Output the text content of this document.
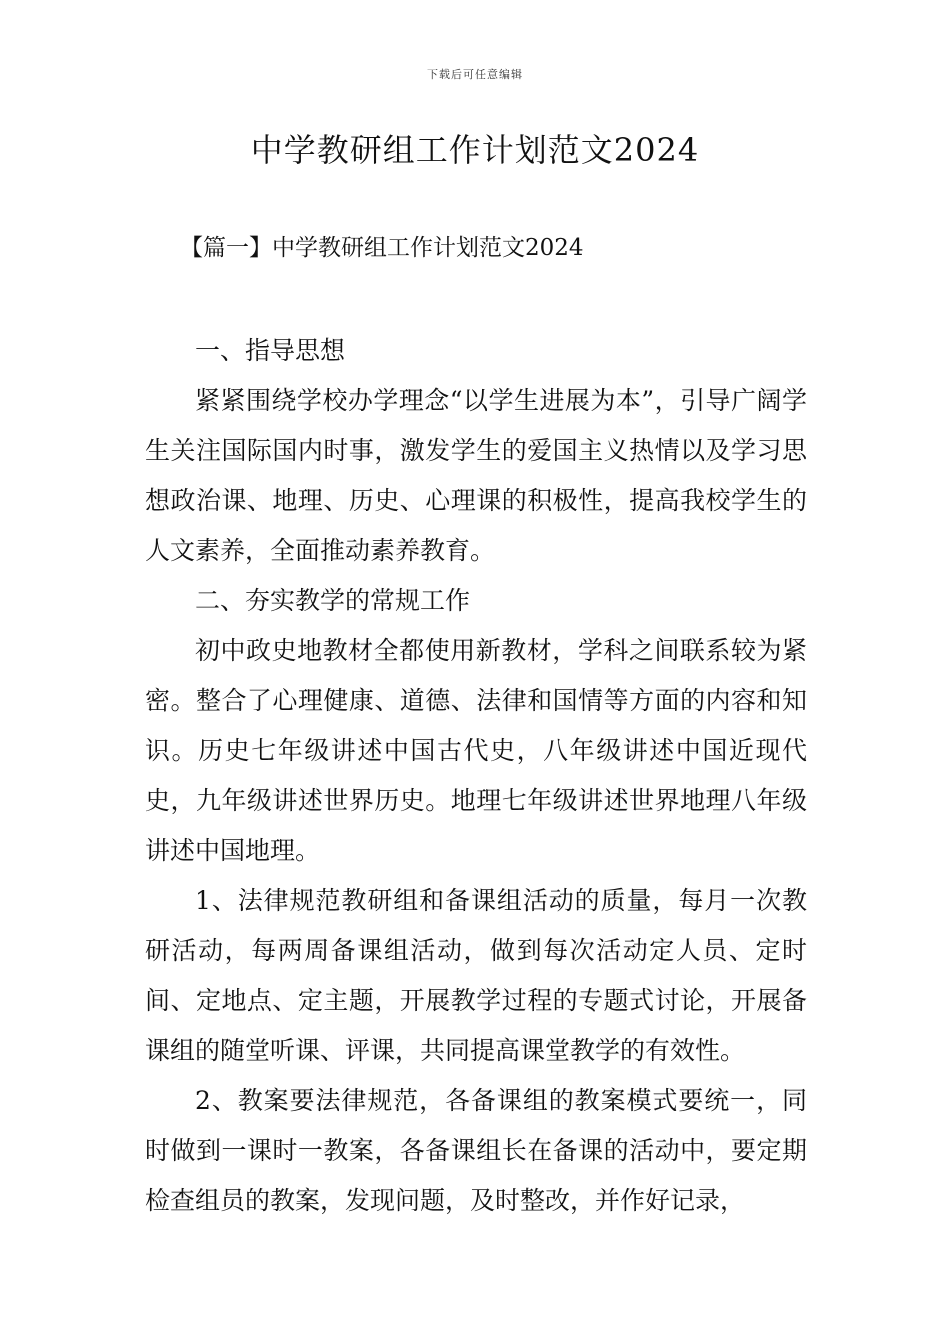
下载后可任意编辑
中学教研组工作计划范文2024
【篇一】中学教研组工作计划范文2024

一、指导思想

紧紧围绕学校办学理念“以学生进展为本”，引导广阔学生关注国际国内时事，激发学生的爱国主义热情以及学习思想政治课、地理、历史、心理课的积极性，提高我校学生的人文素养，全面推动素养教育。

二、夯实教学的常规工作

初中政史地教材全都使用新教材，学科之间联系较为紧密。整合了心理健康、道德、法律和国情等方面的内容和知识。历史七年级讲述中国古代史，八年级讲述中国近现代史，九年级讲述世界历史。地理七年级讲述世界地理八年级讲述中国地理。

1、法律规范教研组和备课组活动的质量，每月一次教研活动，每两周备课组活动，做到每次活动定人员、定时间、定地点、定主题，开展教学过程的专题式讨论，开展备课组的随堂听课、评课，共同提高课堂教学的有效性。

2、教案要法律规范，各备课组的教案模式要统一，同时做到一课时一教案，各备课组长在备课的活动中，要定期检查组员的教案，发现问题，及时整改，并作好记录，
